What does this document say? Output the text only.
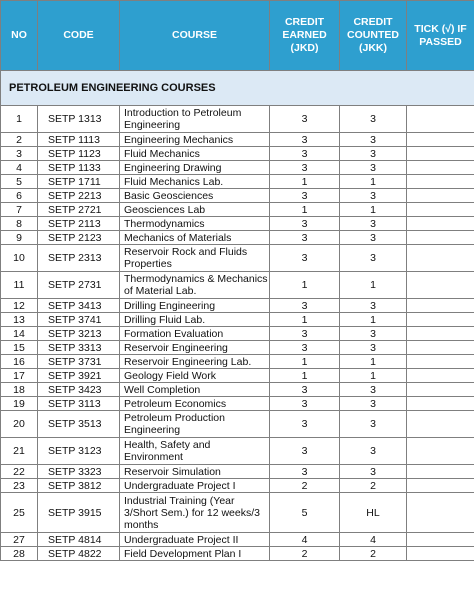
NO	CODE	COURSE	CREDIT EARNED (JKD)	CREDIT COUNTED (JKK)	TICK (√) IF PASSED
PETROLEUM ENGINEERING COURSES					
1	SETP 1313	Introduction to Petroleum Engineering	3	3	
2	SETP 1113	Engineering Mechanics	3	3	
3	SETP 1123	Fluid Mechanics	3	3	
4	SETP 1133	Engineering Drawing	3	3	
5	SETP 1711	Fluid Mechanics Lab.	1	1	
6	SETP 2213	Basic Geosciences	3	3	
7	SETP 2721	Geosciences Lab	1	1	
8	SETP 2113	Thermodynamics	3	3	
9	SETP 2123	Mechanics of Materials	3	3	
10	SETP 2313	Reservoir Rock and Fluids Properties	3	3	
11	SETP 2731	Thermodynamics & Mechanics of Material Lab.	1	1	
12	SETP 3413	Drilling Engineering	3	3	
13	SETP 3741	Drilling Fluid Lab.	1	1	
14	SETP 3213	Formation Evaluation	3	3	
15	SETP 3313	Reservoir Engineering	3	3	
16	SETP 3731	Reservoir Engineering Lab.	1	1	
17	SETP 3921	Geology Field Work	1	1	
18	SETP 3423	Well Completion	3	3	
19	SETP 3113	Petroleum Economics	3	3	
20	SETP 3513	Petroleum Production Engineering	3	3	
21	SETP 3123	Health, Safety and Environment	3	3	
22	SETP 3323	Reservoir Simulation	3	3	
23	SETP 3812	Undergraduate Project I	2	2	
25	SETP 3915	Industrial Training (Year 3/Short Sem.) for 12 weeks/3 months	5	HL	
27	SETP 4814	Undergraduate Project II	4	4	
28	SETP 4822	Field Development Plan I	2	2	
